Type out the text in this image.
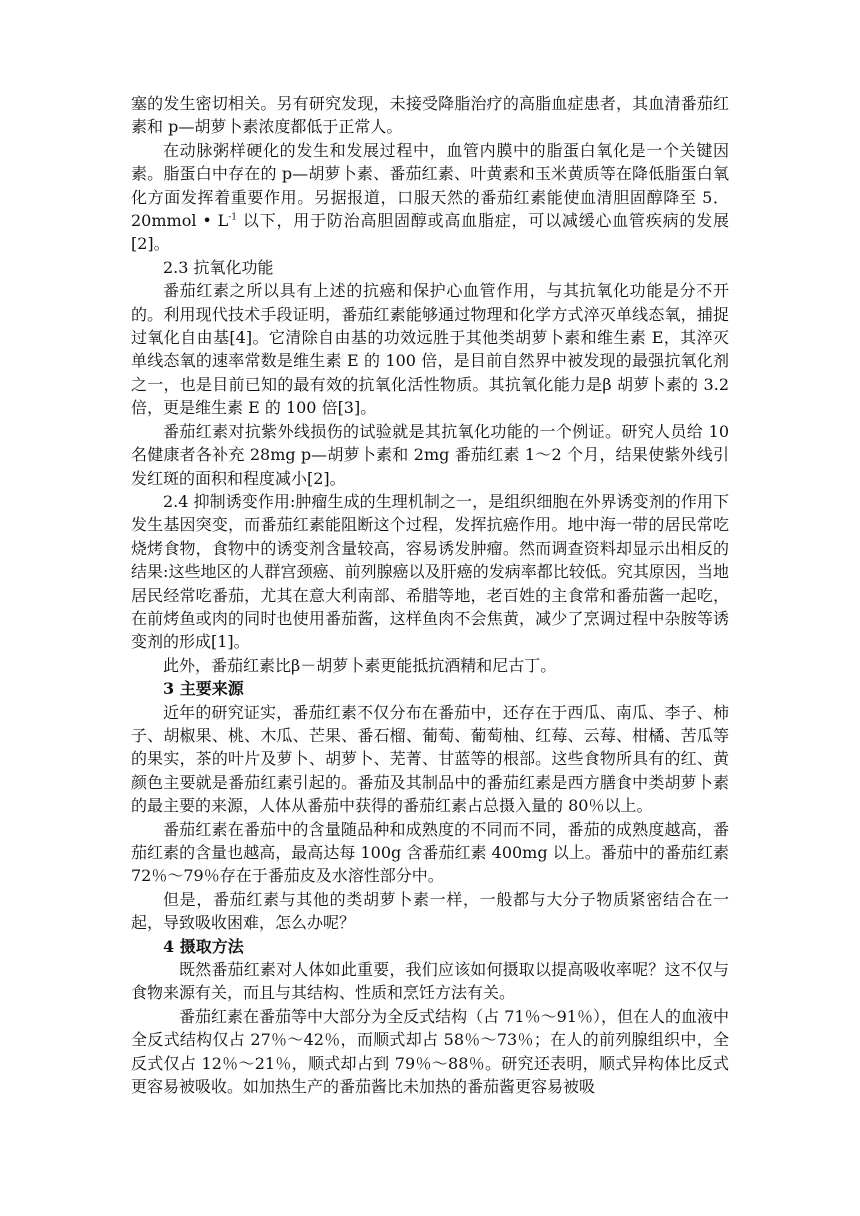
塞的发生密切相关。另有研究发现，未接受降脂治疗的高脂血症患者，其血清番茄红素和 p—胡萝卜素浓度都低于正常人。

在动脉粥样硬化的发生和发展过程中，血管内膜中的脂蛋白氧化是一个关键因素。脂蛋白中存在的 p—胡萝卜素、番茄红素、叶黄素和玉米黄质等在降低脂蛋白氧化方面发挥着重要作用。另据报道，口服天然的番茄红素能使血清胆固醇降至 5．20mmol • $L^{-1}$ 以下，用于防治高胆固醇或高血脂症，可以减缓心血管疾病的发展[2]。

2.3 抗氧化功能

番茄红素之所以具有上述的抗癌和保护心血管作用，与其抗氧化功能是分不开的。利用现代技术手段证明，番茄红素能够通过物理和化学方式淬灭单线态氧，捕捉过氧化自由基[4]。它清除自由基的功效远胜于其他类胡萝卜素和维生素 E，其淬灭单线态氧的速率常数是维生素 E 的 100 倍，是目前自然界中被发现的最强抗氧化剂之一，也是目前已知的最有效的抗氧化活性物质。其抗氧化能力是β 胡萝卜素的 3.2 倍，更是维生素 E 的 100 倍[3]。

番茄红素对抗紫外线损伤的试验就是其抗氧化功能的一个例证。研究人员给 10 名健康者各补充 28mg p—胡萝卜素和 2mg 番茄红素 1～2 个月，结果使紫外线引发红斑的面积和程度减小[2]。

2.4 抑制诱变作用:肿瘤生成的生理机制之一，是组织细胞在外界诱变剂的作用下发生基因突变，而番茄红素能阻断这个过程，发挥抗癌作用。地中海一带的居民常吃烧烤食物，食物中的诱变剂含量较高，容易诱发肿瘤。然而调查资料却显示出相反的结果:这些地区的人群宫颈癌、前列腺癌以及肝癌的发病率都比较低。究其原因，当地居民经常吃番茄，尤其在意大利南部、希腊等地，老百姓的主食常和番茄酱一起吃，在前烤鱼或肉的同时也使用番茄酱，这样鱼肉不会焦黄，减少了烹调过程中杂胺等诱变剂的形成[1]。

此外，番茄红素比β－胡萝卜素更能抵抗酒精和尼古丁。

3 主要来源

近年的研究证实，番茄红素不仅分布在番茄中，还存在于西瓜、南瓜、李子、柿子、胡椒果、桃、木瓜、芒果、番石榴、葡萄、葡萄柚、红莓、云莓、柑橘、苦瓜等的果实，茶的叶片及萝卜、胡萝卜、芜菁、甘蓝等的根部。这些食物所具有的红、黄颜色主要就是番茄红素引起的。番茄及其制品中的番茄红素是西方膳食中类胡萝卜素的最主要的来源，人体从番茄中获得的番茄红素占总摄入量的 80％以上。

番茄红素在番茄中的含量随品种和成熟度的不同而不同，番茄的成熟度越高，番茄红素的含量也越高，最高达每 100g 含番茄红素 400mg 以上。番茄中的番茄红素 72％～79％存在于番茄皮及水溶性部分中。

但是，番茄红素与其他的类胡萝卜素一样，一般都与大分子物质紧密结合在一起，导致吸收困难，怎么办呢？

4 摄取方法

既然番茄红素对人体如此重要，我们应该如何摄取以提高吸收率呢？这不仅与食物来源有关，而且与其结构、性质和烹饪方法有关。

番茄红素在番茄等中大部分为全反式结构（占 71％～91％），但在人的血液中全反式结构仅占 27％～42％，而顺式却占 58％～73％；在人的前列腺组织中，全反式仅占 12％～21％，顺式却占到 79％～88％。研究还表明，顺式异构体比反式更容易被吸收。如加热生产的番茄酱比未加热的番茄酱更容易被吸
